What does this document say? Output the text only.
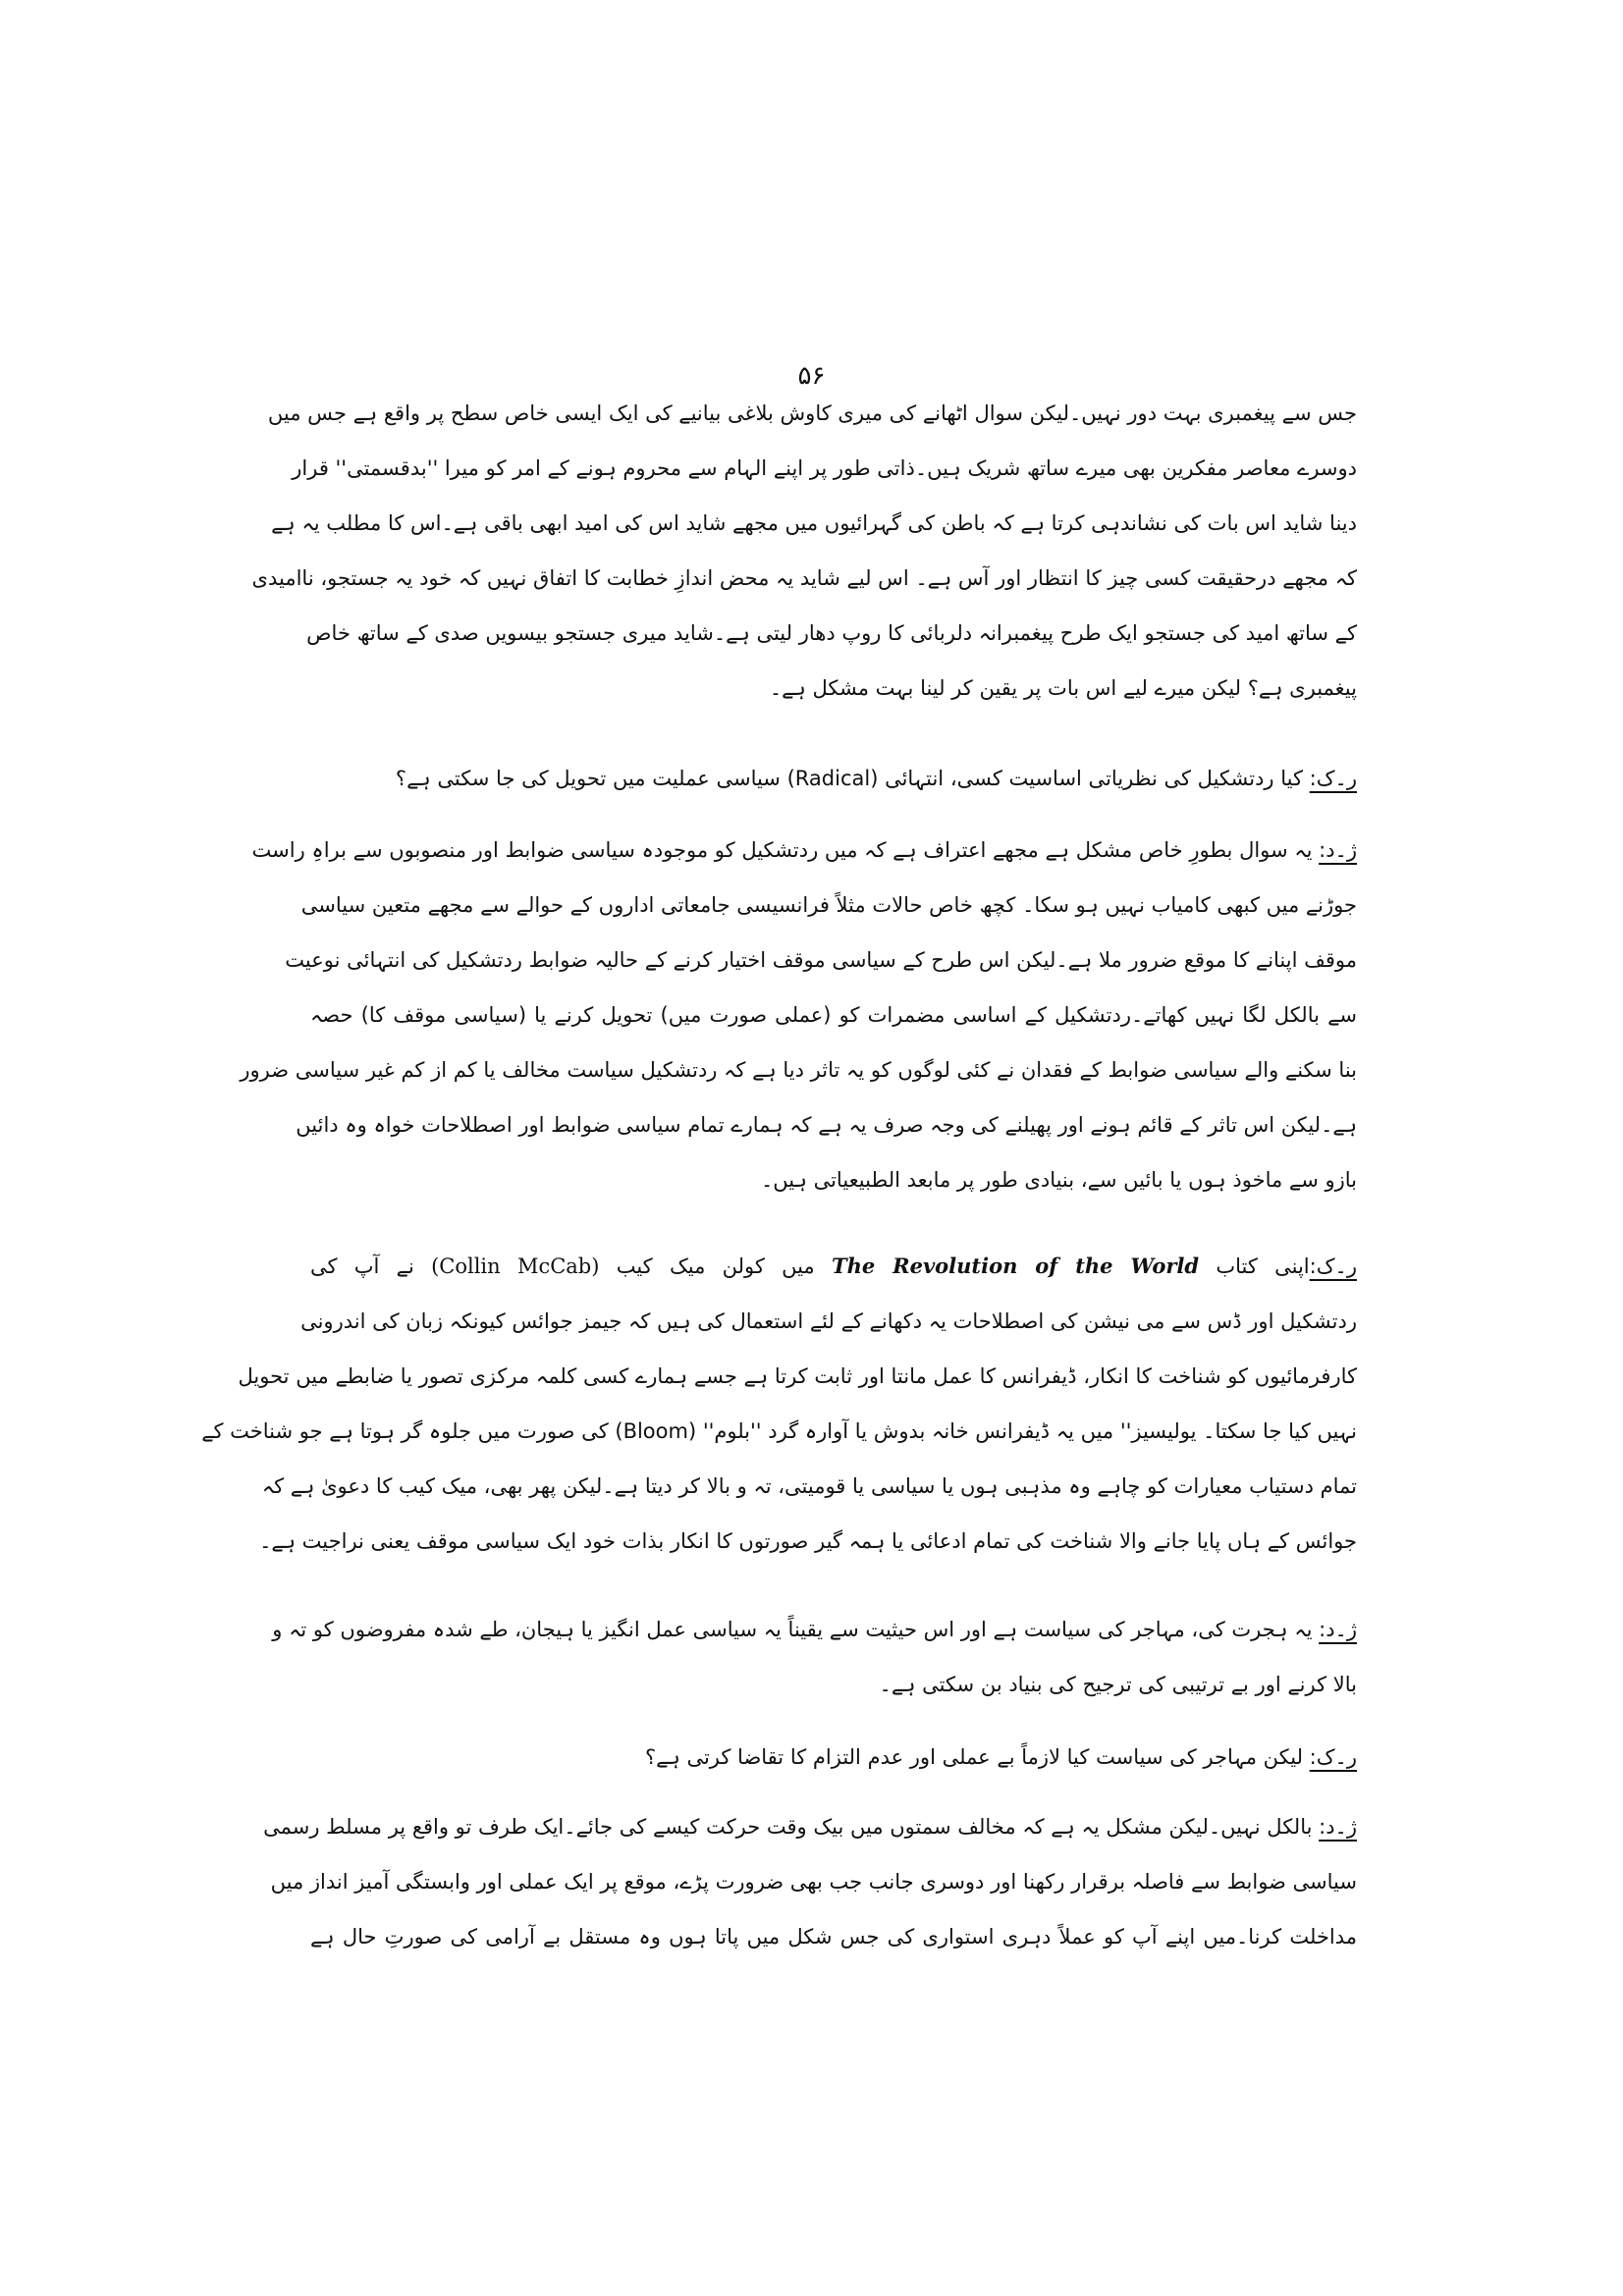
۵۶
جس سے پیغمبری بہت دور نہیں۔لیکن سوال اٹھانے کی میری کاوش بلاغی بیانیے کی ایک ایسی خاص سطح پر واقع ہے جس میں
دوسرے معاصر مفکرین بھی میرے ساتھ شریک ہیں۔ذاتی طور پر اپنے الہام سے محروم ہونے کے امر کو میرا ''بدقسمتی'' قرار
دینا شاید اس بات کی نشاندہی کرتا ہے کہ باطن کی گہرائیوں میں مجھے شاید اس کی امید ابھی باقی ہے۔اس کا مطلب یہ ہے
کہ مجھے درحقیقت کسی چیز کا انتظار اور آس ہے۔ اس لیے شاید یہ محض اندازِ خطابت کا اتفاق نہیں کہ خود یہ جستجو، ناامیدی
کے ساتھ امید کی جستجو ایک طرح پیغمبرانہ دلربائی کا روپ دھار لیتی ہے۔شاید میری جستجو بیسویں صدی کے ساتھ خاص
پیغمبری ہے؟ لیکن میرے لیے اس بات پر یقین کر لینا بہت مشکل ہے۔
ر۔ک: کیا ردتشکیل کی نظریاتی اساسیت کسی، انتہائی (Radical) سیاسی عملیت میں تحویل کی جا سکتی ہے؟
ژ۔د: یہ سوال بطورِ خاص مشکل ہے مجھے اعتراف ہے کہ میں ردتشکیل کو موجودہ سیاسی ضوابط اور منصوبوں سے براہِ راست
جوڑنے میں کبھی کامیاب نہیں ہو سکا۔ کچھ خاص حالات مثلاً فرانسیسی جامعاتی اداروں کے حوالے سے مجھے متعین سیاسی
موقف اپنانے کا موقع ضرور ملا ہے۔لیکن اس طرح کے سیاسی موقف اختیار کرنے کے حالیہ ضوابط ردتشکیل کی انتہائی نوعیت
سے بالکل لگا نہیں کھاتے۔ردتشکیل کے اساسی مضمرات کو (عملی صورت میں) تحویل کرنے یا (سیاسی موقف کا) حصہ
بنا سکنے والے سیاسی ضوابط کے فقدان نے کئی لوگوں کو یہ تاثر دیا ہے کہ ردتشکیل سیاست مخالف یا کم از کم غیر سیاسی ضرور
ہے۔لیکن اس تاثر کے قائم ہونے اور پھیلنے کی وجہ صرف یہ ہے کہ ہمارے تمام سیاسی ضوابط اور اصطلاحات خواہ وہ دائیں
بازو سے ماخوذ ہوں یا بائیں سے، بنیادی طور پر مابعد الطبیعیاتی ہیں۔
ر۔ک:اپنی کتاب The Revolution of the World میں کولن میک کیب (Collin McCab) نے آپ کی
ردتشکیل اور ڈس سے می نیشن کی اصطلاحات یہ دکھانے کے لئے استعمال کی ہیں کہ جیمز جوائس کیونکہ زبان کی اندرونی
کارفرمائیوں کو شناخت کا انکار، ڈیفرانس کا عمل مانتا اور ثابت کرتا ہے جسے ہمارے کسی کلمہ مرکزی تصور یا ضابطے میں تحویل
نہیں کیا جا سکتا۔ یولیسیز'' میں یہ ڈیفرانس خانہ بدوش یا آوارہ گرد ''بلوم'' (Bloom) کی صورت میں جلوہ گر ہوتا ہے جو شناخت کے
تمام دستیاب معیارات کو چاہے وہ مذہبی ہوں یا سیاسی یا قومیتی، تہ و بالا کر دیتا ہے۔لیکن پھر بھی، میک کیب کا دعویٰ ہے کہ
جوائس کے ہاں پایا جانے والا شناخت کی تمام ادعائی یا ہمہ گیر صورتوں کا انکار بذات خود ایک سیاسی موقف یعنی نراجیت ہے۔
ژ۔د: یہ ہجرت کی، مہاجر کی سیاست ہے اور اس حیثیت سے یقیناً یہ سیاسی عمل انگیز یا ہیجان، طے شدہ مفروضوں کو تہ و
بالا کرنے اور بے ترتیبی کی ترجیح کی بنیاد بن سکتی ہے۔
ر۔ک: لیکن مہاجر کی سیاست کیا لازماً بے عملی اور عدم التزام کا تقاضا کرتی ہے؟
ژ۔د: بالکل نہیں۔لیکن مشکل یہ ہے کہ مخالف سمتوں میں بیک وقت حرکت کیسے کی جائے۔ایک طرف تو واقع پر مسلط رسمی
سیاسی ضوابط سے فاصلہ برقرار رکھنا اور دوسری جانب جب بھی ضرورت پڑے، موقع پر ایک عملی اور وابستگی آمیز انداز میں
مداخلت کرنا۔میں اپنے آپ کو عملاً دہری استواری کی جس شکل میں پاتا ہوں وہ مستقل بے آرامی کی صورتِ حال ہے
